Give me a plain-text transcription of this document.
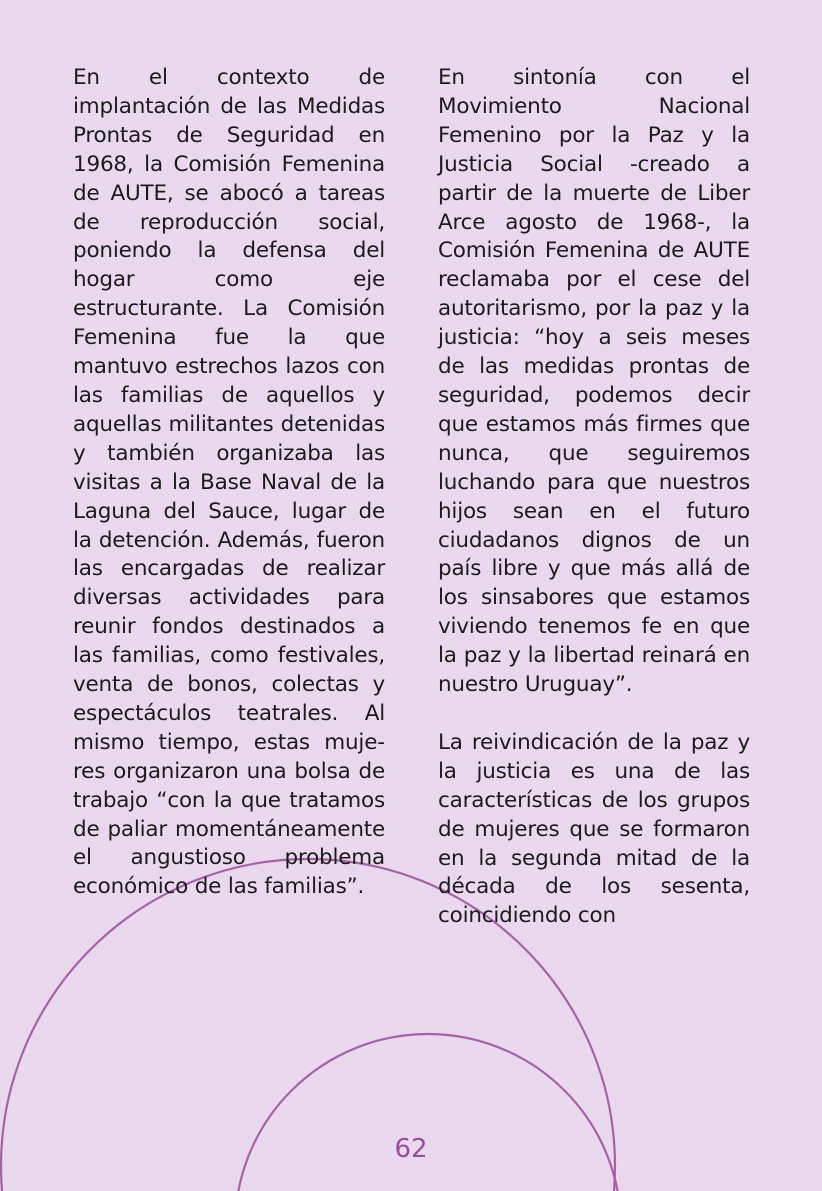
En el contexto de implantación de las Medidas Prontas de Seguridad en 1968, la Comisión Femenina de AUTE, se abocó a tareas de reproducción social, poniendo la defensa del hogar como eje estructurante. La Comisión Femenina fue la que mantuvo estrechos lazos con las familias de aquellos y aquellas militantes detenidas y también organizaba las visitas a la Base Naval de la Laguna del Sauce, lugar de la detención. Además, fueron las encargadas de realizar diversas actividades para reunir fondos destinados a las familias, como festivales, venta de bonos, colectas y espectáculos teatrales. Al mismo tiempo, estas mujeres organizaron una bolsa de trabajo “con la que tratamos de paliar momentáneamente el angustioso problema económico de las familias”.

En sintonía con el Movimiento Nacional Femenino por la Paz y la Justicia Social -creado a partir de la muerte de Liber Arce agosto de 1968-, la Comisión Femenina de AUTE reclamaba por el cese del autoritarismo, por la paz y la justicia: “hoy a seis meses de las medidas prontas de seguridad, podemos decir que estamos más firmes que nunca, que seguiremos luchando para que nuestros hijos sean en el futuro ciudadanos dignos de un país libre y que más allá de los sinsabores que estamos viviendo tenemos fe en que la paz y la libertad reinará en nuestro Uruguay”.

La reivindicación de la paz y la justicia es una de las características de los grupos de mujeres que se formaron en la segunda mitad de la década de los sesenta, coincidiendo con

62
